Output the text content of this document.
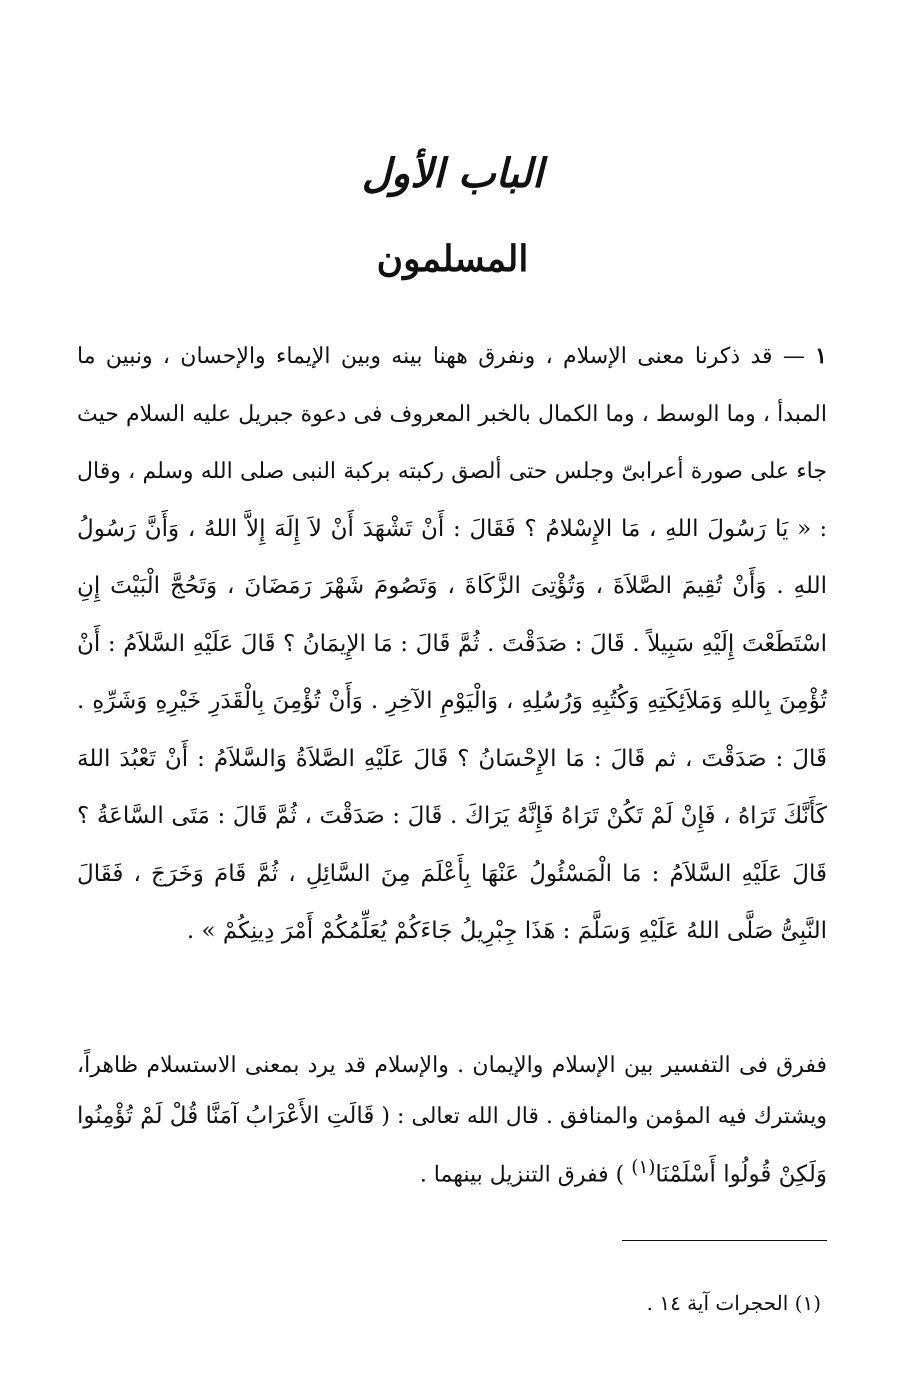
الباب الأول
المسلمون
١ — قد ذكرنا معنى الإسلام ، ونفرق ههنا بينه وبين الإيماء والإحسان ، ونبين ما المبدأ ، وما الوسط ، وما الكمال بالخبر المعروف فى دعوة جبريل عليه السلام حيث جاء على صورة أعرابىّ وجلس حتى ألصق ركبته بركبة النبى صلى الله وسلم ، وقال : « يَا رَسُولَ اللهِ ، مَا الإِسْلامُ ؟ فَقَالَ : أَنْ تَشْهَدَ أَنْ لاَ إِلَهَ إِلاَّ اللهُ ، وَأَنَّ رَسُولُ اللهِ . وَأَنْ تُقِيمَ الصَّلاَةَ ، وَتُؤْتِىَ الزَّكَاةَ ، وَتَصُومَ شَهْرَ رَمَضَانَ ، وَتَحُجَّ الْبَيْتَ إِنِ اسْتَطَعْتَ إِلَيْهِ سَبِيلاً . قَالَ : صَدَقْتَ . ثُمَّ قَالَ : مَا الإِيمَانُ ؟ قَالَ عَلَيْهِ السَّلاَمُ : أَنْ تُؤْمِنَ بِاللهِ وَمَلاَئِكَتِهِ وَكُتُبِهِ وَرُسُلِهِ ، وَالْيَوْمِ الآخِرِ . وَأَنْ تُؤْمِنَ بِالْقَدَرِ خَيْرِهِ وَشَرِّهِ . قَالَ : صَدَقْتَ ، ثم قَالَ : مَا الإِحْسَانُ ؟ قَالَ عَلَيْهِ الصَّلاَةُ وَالسَّلاَمُ : أَنْ تَعْبُدَ اللهَ كَأَنَّكَ تَرَاهُ ، فَإِنْ لَمْ تَكُنْ تَرَاهُ فَإِنَّهُ يَرَاكَ . قَالَ : صَدَقْتَ ، ثُمَّ قَالَ : مَتَى السَّاعَةُ ؟ قَالَ عَلَيْهِ السَّلاَمُ : مَا الْمَسْئُولُ عَنْهَا بِأَعْلَمَ مِنَ السَّائِلِ ، ثُمَّ قَامَ وَخَرَجَ ، فَقَالَ النَّبِىُّ صَلَّى اللهُ عَلَيْهِ وَسَلَّمَ : هَذَا جِبْرِيلُ جَاءَكُمْ يُعَلِّمُكُمْ أَمْرَ دِينِكُمْ » .
ففرق فى التفسير بين الإسلام والإيمان . والإسلام قد يرد بمعنى الاستسلام ظاهراً، ويشترك فيه المؤمن والمنافق . قال الله تعالى : ( قَالَتِ الأَعْرَابُ آمَنَّا قُلْ لَمْ تُؤْمِنُوا وَلَكِنْ قُولُوا أَسْلَمْنَا$^{(١)}$ ) ففرق التنزيل بينهما .
(١) الحجرات آية ١٤ .
